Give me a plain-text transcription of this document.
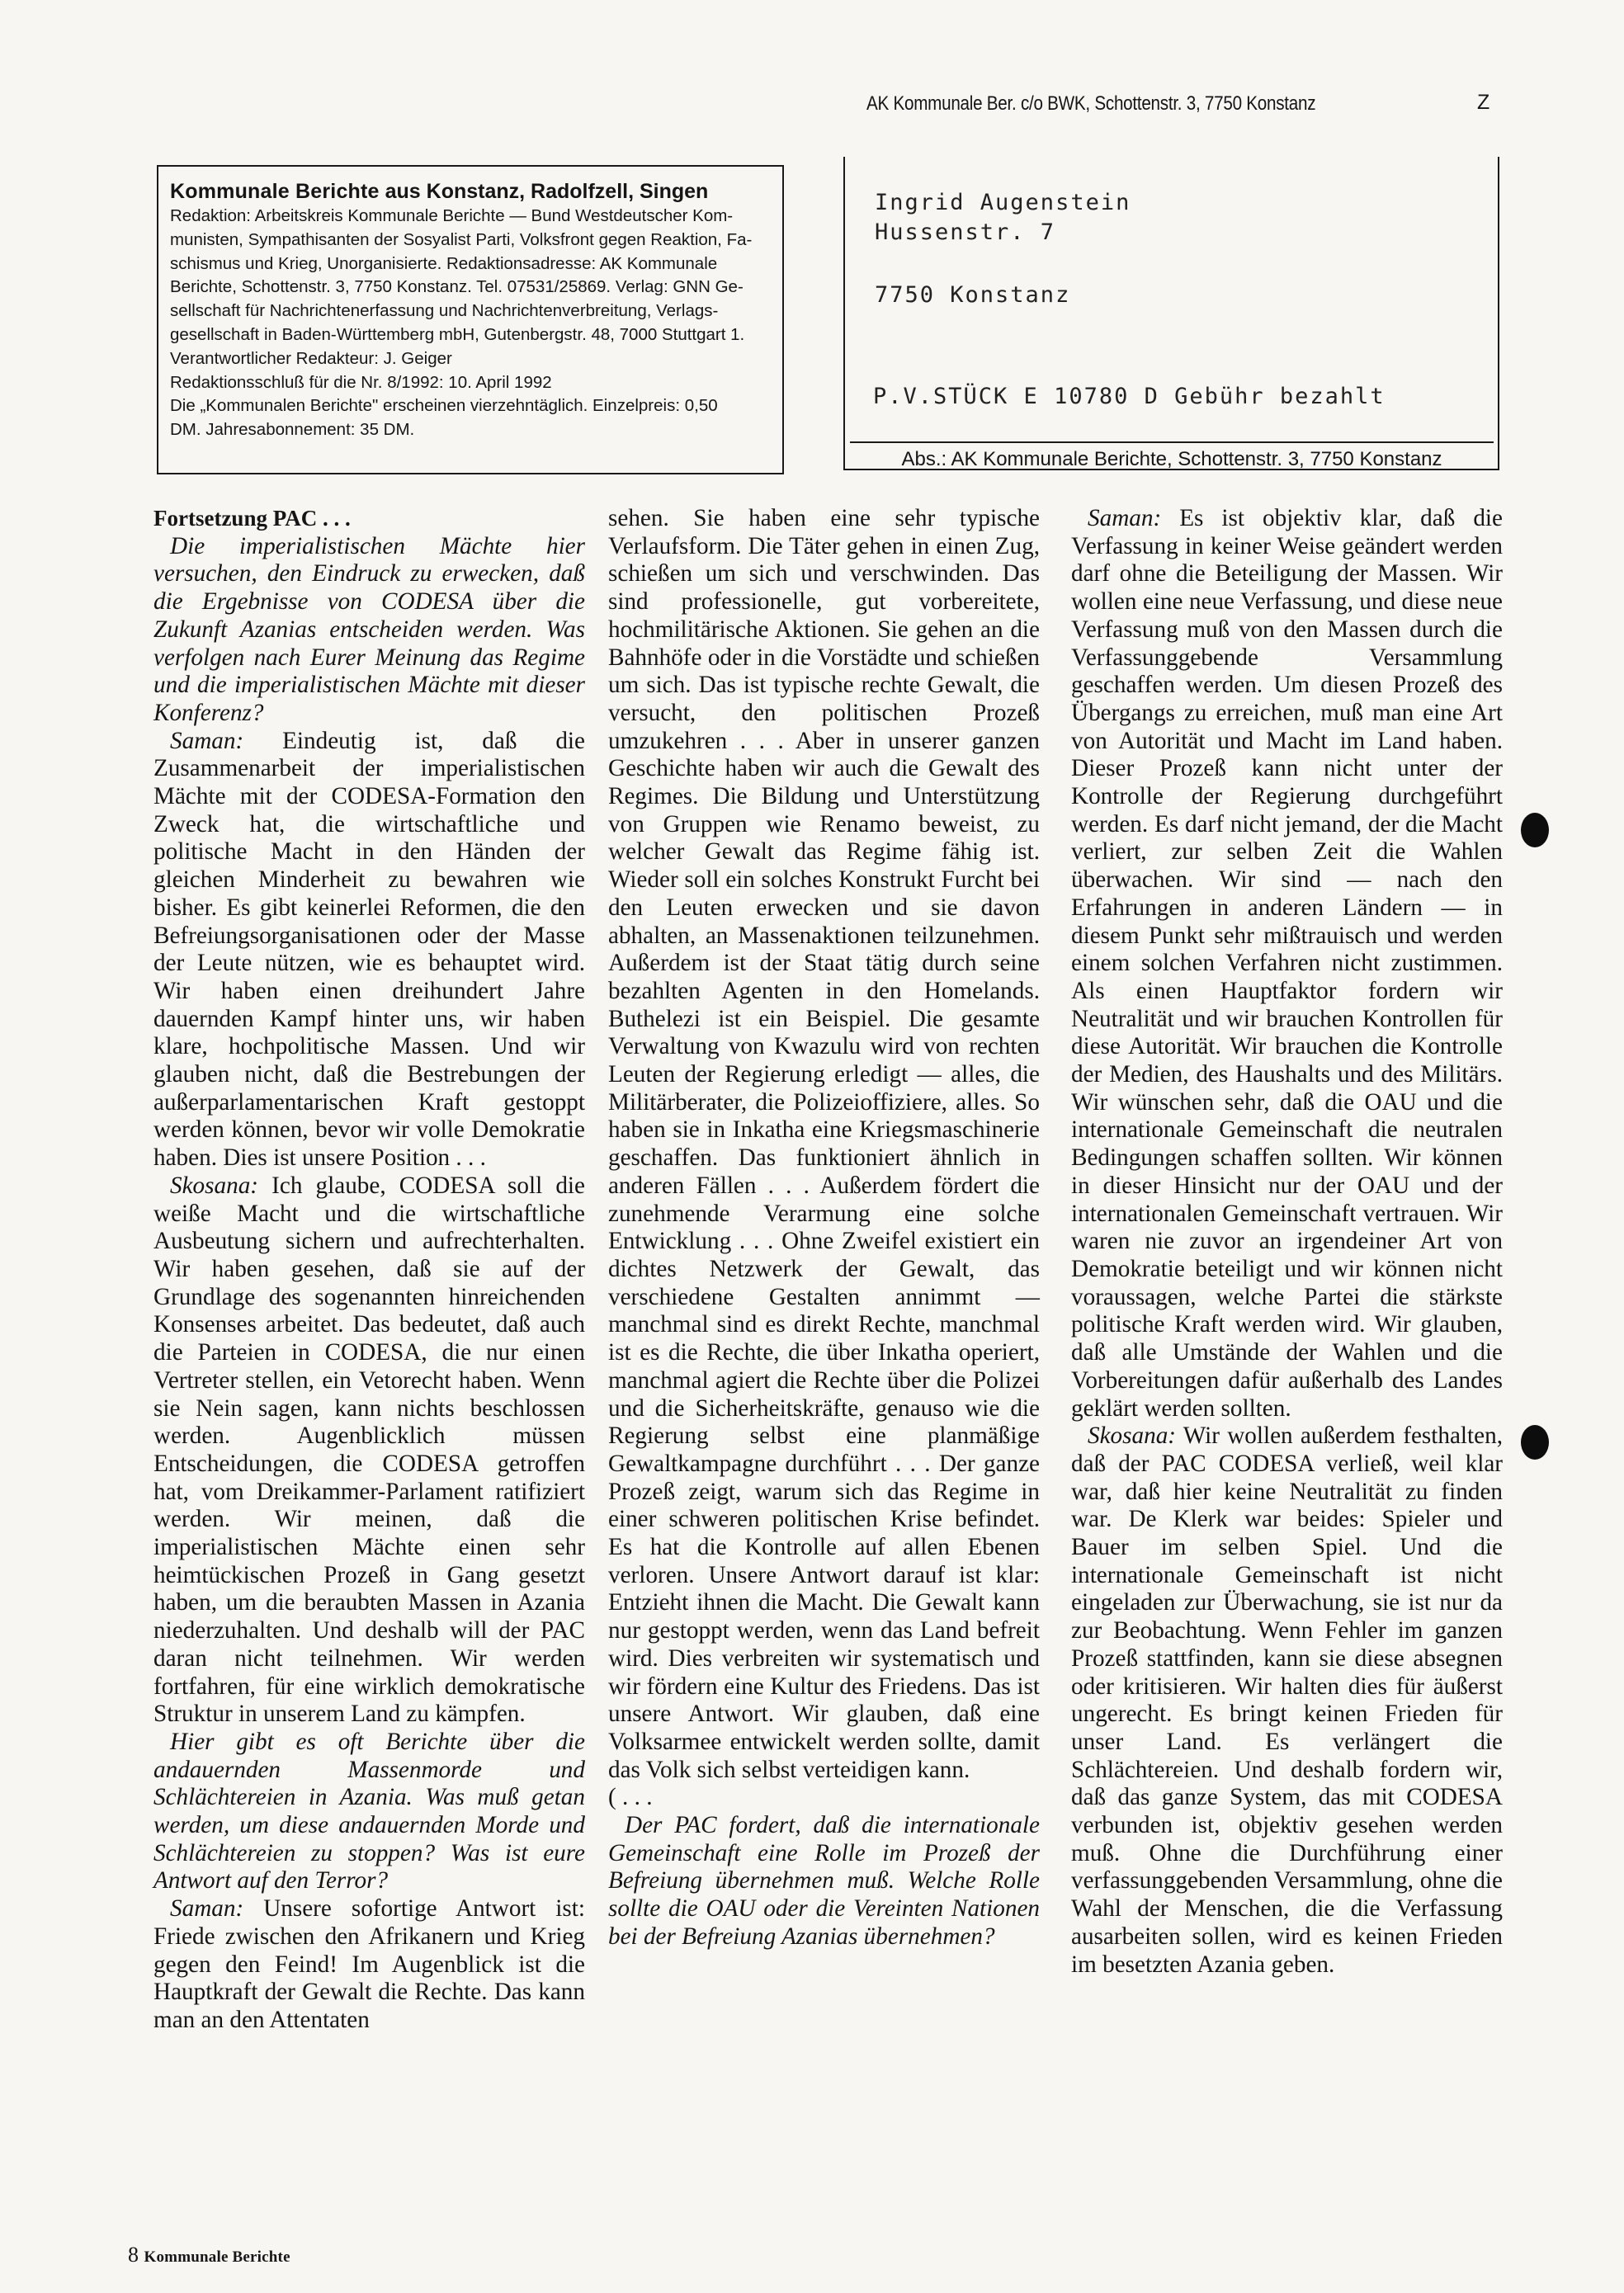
Kommunale Berichte aus Konstanz, Radolfzell, Singen
Redaktion: Arbeitskreis Kommunale Berichte — Bund Westdeutscher Kom-
munisten, Sympathisanten der Sosyalist Parti, Volksfront gegen Reaktion, Fa-
schismus und Krieg, Unorganisierte. Redaktionsadresse: AK Kommunale
Berichte, Schottenstr. 3, 7750 Konstanz. Tel. 07531/25869. Verlag: GNN Ge-
sellschaft für Nachrichtenerfassung und Nachrichtenverbreitung, Verlags-
gesellschaft in Baden-Württemberg mbH, Gutenbergstr. 48, 7000 Stuttgart 1.
Verantwortlicher Redakteur: J. Geiger
Redaktionsschluß für die Nr. 8/1992: 10. April 1992
Die „Kommunalen Berichte" erscheinen vierzehntäglich. Einzelpreis: 0,50
DM. Jahresabonnement: 35 DM.
AK Kommunale Ber. c/o BWK, Schottenstr. 3, 7750 Konstanz	Z
Ingrid Augenstein
Hussenstr. 7
7750 Konstanz
P.V.STÜCK E 10780 D Gebühr bezahlt
Abs.: AK Kommunale Berichte, Schottenstr. 3, 7750 Konstanz

Fortsetzung PAC . . .

Die imperialistischen Mächte hier versuchen, den Eindruck zu erwecken, daß die Ergebnisse von CODESA über die Zukunft Azanias entscheiden werden. Was verfolgen nach Eurer Meinung das Regime und die imperialistischen Mächte mit dieser Konferenz?

Saman: Eindeutig ist, daß die Zusammenarbeit der imperialistischen Mächte mit der CODESA-Formation den Zweck hat, die wirtschaftliche und politische Macht in den Händen der gleichen Minderheit zu bewahren wie bisher. Es gibt keinerlei Reformen, die den Befreiungsorganisationen oder der Masse der Leute nützen, wie es behauptet wird. Wir haben einen dreihundert Jahre dauernden Kampf hinter uns, wir haben klare, hochpolitische Massen. Und wir glauben nicht, daß die Bestrebungen der außerparlamentarischen Kraft gestoppt werden können, bevor wir volle Demokratie haben. Dies ist unsere Position . . .

Skosana: Ich glaube, CODESA soll die weiße Macht und die wirtschaftliche Ausbeutung sichern und aufrechterhalten. Wir haben gesehen, daß sie auf der Grundlage des sogenannten hinreichenden Konsenses arbeitet. Das bedeutet, daß auch die Parteien in CODESA, die nur einen Vertreter stellen, ein Vetorecht haben. Wenn sie Nein sagen, kann nichts beschlossen werden. Augenblicklich müssen Entscheidungen, die CODESA getroffen hat, vom Dreikammer-Parlament ratifiziert werden. Wir meinen, daß die imperialistischen Mächte einen sehr heimtückischen Prozeß in Gang gesetzt haben, um die beraubten Massen in Azania niederzuhalten. Und deshalb will der PAC daran nicht teilnehmen. Wir werden fortfahren, für eine wirklich demokratische Struktur in unserem Land zu kämpfen.

Hier gibt es oft Berichte über die andauernden Massenmorde und Schlächtereien in Azania. Was muß getan werden, um diese andauernden Morde und Schlächtereien zu stoppen? Was ist eure Antwort auf den Terror?

Saman: Unsere sofortige Antwort ist: Friede zwischen den Afrikanern und Krieg gegen den Feind! Im Augenblick ist die Hauptkraft der Gewalt die Rechte. Das kann man an den Attentaten

sehen. Sie haben eine sehr typische Verlaufsform. Die Täter gehen in einen Zug, schießen um sich und verschwinden. Das sind professionelle, gut vorbereitete, hochmilitärische Aktionen. Sie gehen an die Bahnhöfe oder in die Vorstädte und schießen um sich. Das ist typische rechte Gewalt, die versucht, den politischen Prozeß umzukehren . . . Aber in unserer ganzen Geschichte haben wir auch die Gewalt des Regimes. Die Bildung und Unterstützung von Gruppen wie Renamo beweist, zu welcher Gewalt das Regime fähig ist. Wieder soll ein solches Konstrukt Furcht bei den Leuten erwecken und sie davon abhalten, an Massenaktionen teilzunehmen. Außerdem ist der Staat tätig durch seine bezahlten Agenten in den Homelands. Buthelezi ist ein Beispiel. Die gesamte Verwaltung von Kwazulu wird von rechten Leuten der Regierung erledigt — alles, die Militärberater, die Polizeioffiziere, alles. So haben sie in Inkatha eine Kriegsmaschinerie geschaffen. Das funktioniert ähnlich in anderen Fällen . . . Außerdem fördert die zunehmende Verarmung eine solche Entwicklung . . . Ohne Zweifel existiert ein dichtes Netzwerk der Gewalt, das verschiedene Gestalten annimmt — manchmal sind es direkt Rechte, manchmal ist es die Rechte, die über Inkatha operiert, manchmal agiert die Rechte über die Polizei und die Sicherheitskräfte, genauso wie die Regierung selbst eine planmäßige Gewaltkampagne durchführt . . . Der ganze Prozeß zeigt, warum sich das Regime in einer schweren politischen Krise befindet. Es hat die Kontrolle auf allen Ebenen verloren. Unsere Antwort darauf ist klar: Entzieht ihnen die Macht. Die Gewalt kann nur gestoppt werden, wenn das Land befreit wird. Dies verbreiten wir systematisch und wir fördern eine Kultur des Friedens. Das ist unsere Antwort. Wir glauben, daß eine Volksarmee entwickelt werden sollte, damit das Volk sich selbst verteidigen kann.

( . . .

Der PAC fordert, daß die internationale Gemeinschaft eine Rolle im Prozeß der Befreiung übernehmen muß. Welche Rolle sollte die OAU oder die Vereinten Nationen bei der Befreiung Azanias übernehmen?

Saman: Es ist objektiv klar, daß die Verfassung in keiner Weise geändert werden darf ohne die Beteiligung der Massen. Wir wollen eine neue Verfassung, und diese neue Verfassung muß von den Massen durch die Verfassunggebende Versammlung geschaffen werden. Um diesen Prozeß des Übergangs zu erreichen, muß man eine Art von Autorität und Macht im Land haben. Dieser Prozeß kann nicht unter der Kontrolle der Regierung durchgeführt werden. Es darf nicht jemand, der die Macht verliert, zur selben Zeit die Wahlen überwachen. Wir sind — nach den Erfahrungen in anderen Ländern — in diesem Punkt sehr mißtrauisch und werden einem solchen Verfahren nicht zustimmen. Als einen Hauptfaktor fordern wir Neutralität und wir brauchen Kontrollen für diese Autorität. Wir brauchen die Kontrolle der Medien, des Haushalts und des Militärs. Wir wünschen sehr, daß die OAU und die internationale Gemeinschaft die neutralen Bedingungen schaffen sollten. Wir können in dieser Hinsicht nur der OAU und der internationalen Gemeinschaft vertrauen. Wir waren nie zuvor an irgendeiner Art von Demokratie beteiligt und wir können nicht voraussagen, welche Partei die stärkste politische Kraft werden wird. Wir glauben, daß alle Umstände der Wahlen und die Vorbereitungen dafür außerhalb des Landes geklärt werden sollten.

Skosana: Wir wollen außerdem festhalten, daß der PAC CODESA verließ, weil klar war, daß hier keine Neutralität zu finden war. De Klerk war beides: Spieler und Bauer im selben Spiel. Und die internationale Gemeinschaft ist nicht eingeladen zur Überwachung, sie ist nur da zur Beobachtung. Wenn Fehler im ganzen Prozeß stattfinden, kann sie diese absegnen oder kritisieren. Wir halten dies für äußerst ungerecht. Es bringt keinen Frieden für unser Land. Es verlängert die Schlächtereien. Und deshalb fordern wir, daß das ganze System, das mit CODESA verbunden ist, objektiv gesehen werden muß. Ohne die Durchführung einer verfassunggebenden Versammlung, ohne die Wahl der Menschen, die die Verfassung ausarbeiten sollen, wird es keinen Frieden im besetzten Azania geben.

8 Kommunale Berichte
